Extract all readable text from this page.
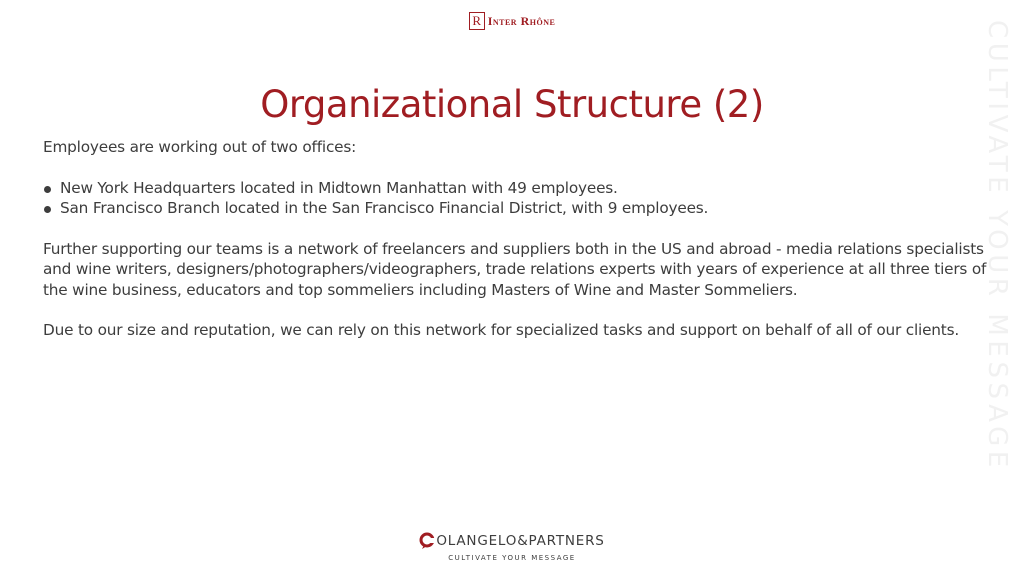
R Inter Rhône	CULTIVATE YOUR MESSAGE
Organizational Structure (2)

Employees are working out of two offices:

New York Headquarters located in Midtown Manhattan with 49 employees.
San Francisco Branch located in the San Francisco Financial District, with 9 employees.

Further supporting our teams is a network of freelancers and suppliers both in the US and abroad - media relations specialists and wine writers, designers/photographers/videographers, trade relations experts with years of experience at all three tiers of the wine business, educators and top sommeliers including Masters of Wine and Master Sommeliers.

Due to our size and reputation, we can rely on this network for specialized tasks and support on behalf of all of our clients.

OLANGELO&PARTNERS
CULTIVATE YOUR MESSAGE
